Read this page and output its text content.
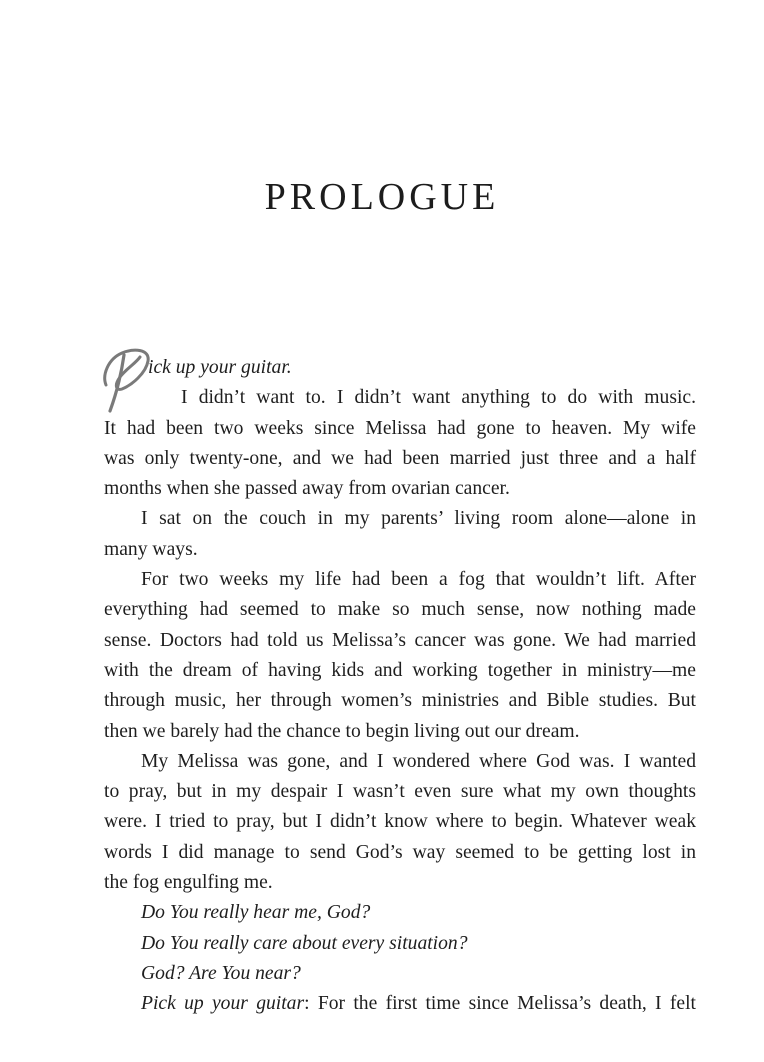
PROLOGUE
ick up your guitar.
I didn’t want to. I didn’t want anything to do with music.
It had been two weeks since Melissa had gone to heaven. My wife
was only twenty-one, and we had been married just three and a half
months when she passed away from ovarian cancer.
I sat on the couch in my parents’ living room alone—alone in
many ways.
For two weeks my life had been a fog that wouldn’t lift. After
everything had seemed to make so much sense, now nothing made
sense. Doctors had told us Melissa’s cancer was gone. We had married
with the dream of having kids and working together in ministry—me
through music, her through women’s ministries and Bible studies. But
then we barely had the chance to begin living out our dream.
My Melissa was gone, and I wondered where God was. I wanted
to pray, but in my despair I wasn’t even sure what my own thoughts
were. I tried to pray, but I didn’t know where to begin. Whatever weak
words I did manage to send God’s way seemed to be getting lost in
the fog engulfing me.
Do You really hear me, God?
Do You really care about every situation?
God? Are You near?
Pick up your guitar: For the first time since Melissa’s death, I felt
